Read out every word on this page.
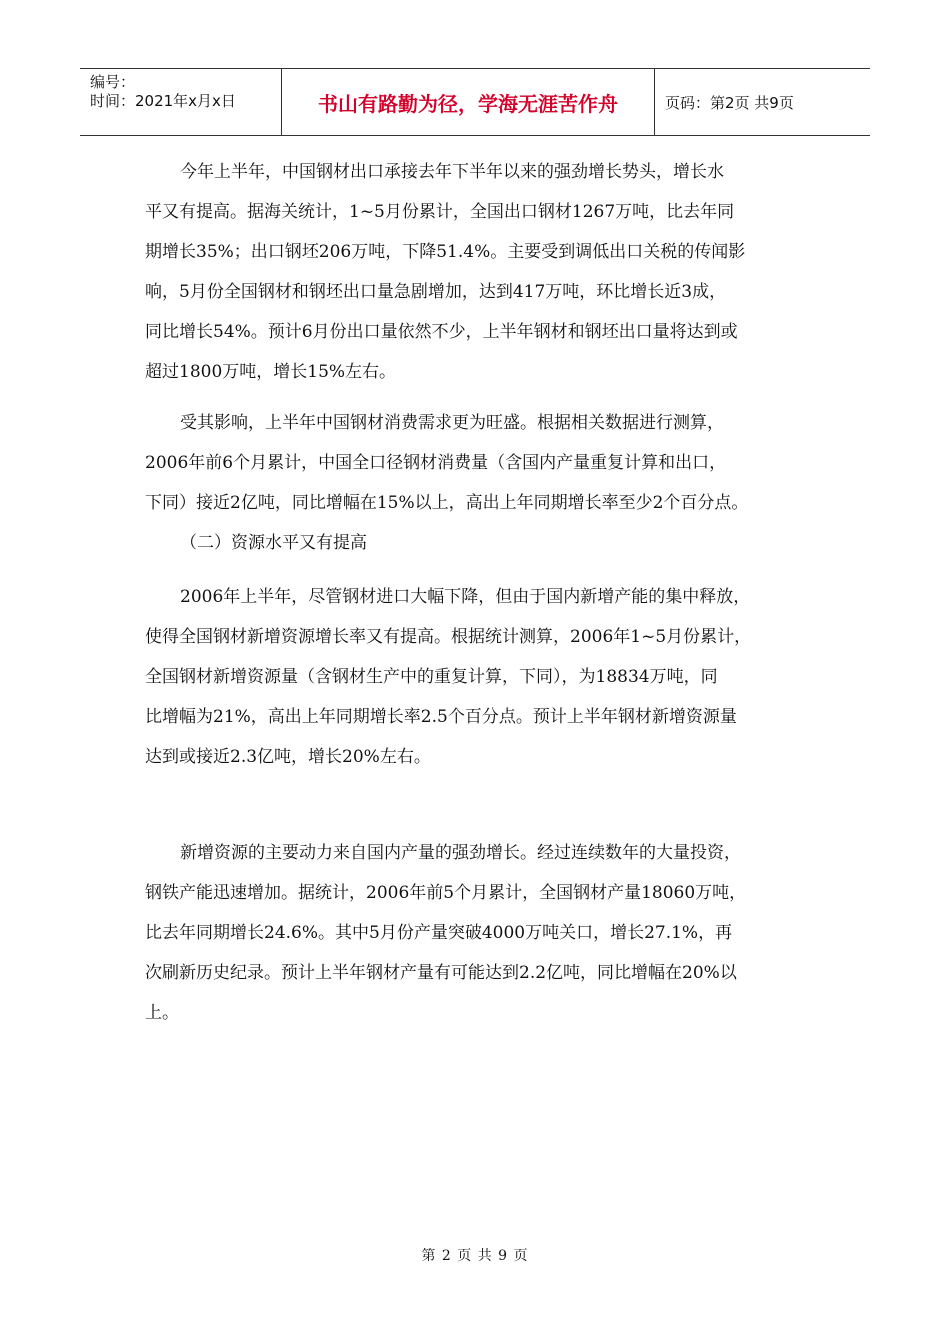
编号：
时间：2021年x月x日	书山有路勤为径，学海无涯苦作舟	页码：第2页 共9页
今年上半年，中国钢材出口承接去年下半年以来的强劲增长势头，增长水
平又有提高。据海关统计，1~5月份累计，全国出口钢材1267万吨，比去年同
期增长35%；出口钢坯206万吨，下降51.4%。主要受到调低出口关税的传闻影
响，5月份全国钢材和钢坯出口量急剧增加，达到417万吨，环比增长近3成，
同比增长54%。预计6月份出口量依然不少，上半年钢材和钢坯出口量将达到或
超过1800万吨，增长15%左右。
受其影响，上半年中国钢材消费需求更为旺盛。根据相关数据进行测算，
2006年前6个月累计，中国全口径钢材消费量（含国内产量重复计算和出口，
下同）接近2亿吨，同比增幅在15%以上，高出上年同期增长率至少2个百分点。
（二）资源水平又有提高
2006年上半年，尽管钢材进口大幅下降，但由于国内新增产能的集中释放，
使得全国钢材新增资源增长率又有提高。根据统计测算，2006年1~5月份累计，
全国钢材新增资源量（含钢材生产中的重复计算，下同），为18834万吨，同
比增幅为21%，高出上年同期增长率2.5个百分点。预计上半年钢材新增资源量
达到或接近2.3亿吨，增长20%左右。
新增资源的主要动力来自国内产量的强劲增长。经过连续数年的大量投资，
钢铁产能迅速增加。据统计，2006年前5个月累计，全国钢材产量18060万吨，
比去年同期增长24.6%。其中5月份产量突破4000万吨关口，增长27.1%，再
次刷新历史纪录。预计上半年钢材产量有可能达到2.2亿吨，同比增幅在20%以
上。
第 2 页 共 9 页
